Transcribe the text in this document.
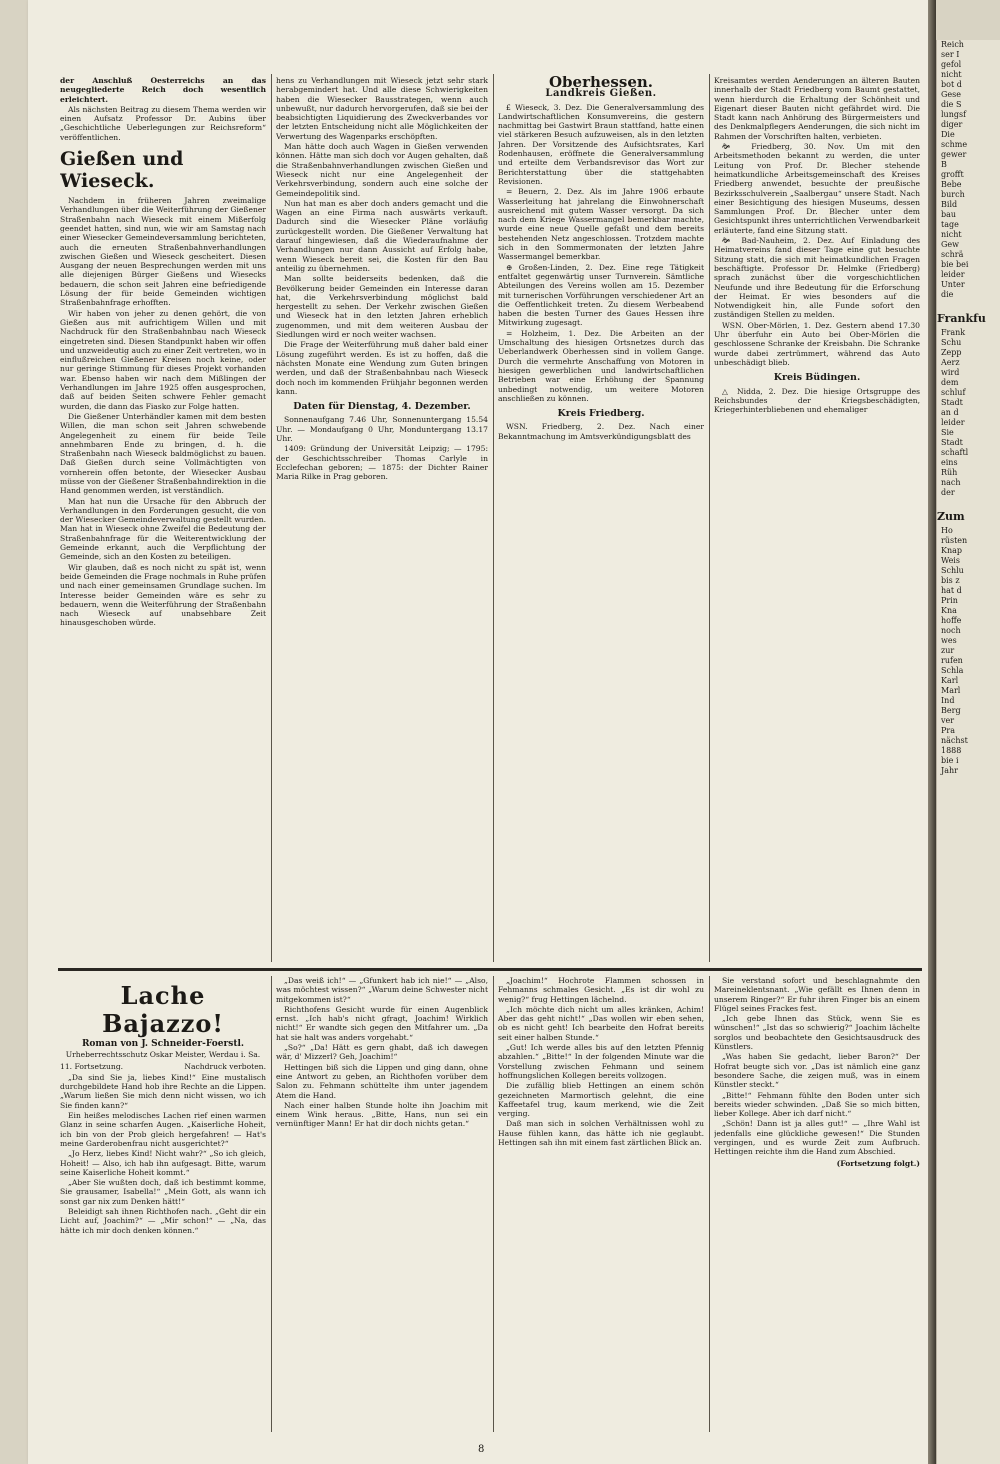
der Anschluß Oesterreichs an das neugegliederte Reich doch wesentlich erleichtert.

Als nächsten Beitrag zu diesem Thema werden wir einen Aufsatz Professor Dr. Aubins über „Geschichtliche Ueberlegungen zur Reichsreform“ veröffentlichen.

Gießen und Wieseck.

Nachdem in früheren Jahren zweimalige Verhandlungen über die Weiterführung der Gießener Straßenbahn nach Wieseck mit einem Mißerfolg geendet hatten, sind nun, wie wir am Samstag nach einer Wiesecker Gemeindeversammlung berichteten, auch die erneuten Straßenbahnverhandlungen zwischen Gießen und Wieseck gescheitert. Diesen Ausgang der neuen Besprechungen werden mit uns alle diejenigen Bürger Gießens und Wiesecks bedauern, die schon seit Jahren eine befriedigende Lösung der für beide Gemeinden wichtigen Straßenbahnfrage erhofften.

Wir haben von jeher zu denen gehört, die von Gießen aus mit aufrichtigem Willen und mit Nachdruck für den Straßenbahnbau nach Wieseck eingetreten sind. Diesen Standpunkt haben wir offen und unzweideutig auch zu einer Zeit vertreten, wo in einflußreichen Gießener Kreisen noch keine, oder nur geringe Stimmung für dieses Projekt vorhanden war. Ebenso haben wir nach dem Mißlingen der Verhandlungen im Jahre 1925 offen ausgesprochen, daß auf beiden Seiten schwere Fehler gemacht wurden, die dann das Fiasko zur Folge hatten.

Die Gießener Unterhändler kamen mit dem besten Willen, die man schon seit Jahren schwebende Angelegenheit zu einem für beide Teile annehmbaren Ende zu bringen, d. h. die Straßenbahn nach Wieseck baldmöglichst zu bauen. Daß Gießen durch seine Vollmächtigten von vornherein offen betonte, der Wiesecker Ausbau müsse von der Gießener Straßenbahndirektion in die Hand genommen werden, ist verständlich.

Man hat nun die Ursache für den Abbruch der Verhandlungen in den Forderungen gesucht, die von der Wiesecker Gemeindeverwaltung gestellt wurden. Man hat in Wieseck ohne Zweifel die Bedeutung der Straßenbahnfrage für die Weiterentwicklung der Gemeinde erkannt, auch die Verpflichtung der Gemeinde, sich an den Kosten zu beteiligen.

Wir glauben, daß es noch nicht zu spät ist, wenn beide Gemeinden die Frage nochmals in Ruhe prüfen und nach einer gemeinsamen Grundlage suchen. Im Interesse beider Gemeinden wäre es sehr zu bedauern, wenn die Weiterführung der Straßenbahn nach Wieseck auf unabsehbare Zeit hinausgeschoben würde.

hens zu Verhandlungen mit Wieseck jetzt sehr stark herabgemindert hat. Und alle diese Schwierigkeiten haben die Wiesecker Bausstrategen, wenn auch unbewußt, nur dadurch hervorgerufen, daß sie bei der beabsichtigten Liquidierung des Zweckverbandes vor der letzten Entscheidung nicht alle Möglichkeiten der Verwertung des Wagenparks erschöpften.

Man hätte doch auch Wagen in Gießen verwenden können. Hätte man sich doch vor Augen gehalten, daß die Straßenbahnverhandlungen zwischen Gießen und Wieseck nicht nur eine Angelegenheit der Verkehrsverbindung, sondern auch eine solche der Gemeindepolitik sind.

Nun hat man es aber doch anders gemacht und die Wagen an eine Firma nach auswärts verkauft. Dadurch sind die Wiesecker Pläne vorläufig zurückgestellt worden. Die Gießener Verwaltung hat darauf hingewiesen, daß die Wiederaufnahme der Verhandlungen nur dann Aussicht auf Erfolg habe, wenn Wieseck bereit sei, die Kosten für den Bau anteilig zu übernehmen.

Man sollte beiderseits bedenken, daß die Bevölkerung beider Gemeinden ein Interesse daran hat, die Verkehrsverbindung möglichst bald hergestellt zu sehen. Der Verkehr zwischen Gießen und Wieseck hat in den letzten Jahren erheblich zugenommen, und mit dem weiteren Ausbau der Siedlungen wird er noch weiter wachsen.

Die Frage der Weiterführung muß daher bald einer Lösung zugeführt werden. Es ist zu hoffen, daß die nächsten Monate eine Wendung zum Guten bringen werden, und daß der Straßenbahnbau nach Wieseck doch noch im kommenden Frühjahr begonnen werden kann.

Daten für Dienstag, 4. Dezember.

Sonnenaufgang 7.46 Uhr, Sonnenuntergang 15.54 Uhr. — Mondaufgang 0 Uhr, Monduntergang 13.17 Uhr.

1409: Gründung der Universität Leipzig; — 1795: der Geschichtsschreiber Thomas Carlyle in Ecclefechan geboren; — 1875: der Dichter Rainer Maria Rilke in Prag geboren.

Oberhessen.
Landkreis Gießen.

£ Wieseck, 3. Dez. Die Generalversammlung des Landwirtschaftlichen Konsumvereins, die gestern nachmittag bei Gastwirt Braun stattfand, hatte einen viel stärkeren Besuch aufzuweisen, als in den letzten Jahren. Der Vorsitzende des Aufsichtsrates, Karl Rodenhausen, eröffnete die Generalversammlung und erteilte dem Verbandsrevisor das Wort zur Berichterstattung über die stattgehabten Revisionen.

= Beuern, 2. Dez. Als im Jahre 1906 erbaute Wasserleitung hat jahrelang die Einwohnerschaft ausreichend mit gutem Wasser versorgt. Da sich nach dem Kriege Wassermangel bemerkbar machte, wurde eine neue Quelle gefaßt und dem bereits bestehenden Netz angeschlossen. Trotzdem machte sich in den Sommermonaten der letzten Jahre Wassermangel bemerkbar.

⊕ Großen-Linden, 2. Dez. Eine rege Tätigkeit entfaltet gegenwärtig unser Turnverein. Sämtliche Abteilungen des Vereins wollen am 15. Dezember mit turnerischen Vorführungen verschiedener Art an die Oeffentlichkeit treten. Zu diesem Werbeabend haben die besten Turner des Gaues Hessen ihre Mitwirkung zugesagt.

= Holzheim, 1. Dez. Die Arbeiten an der Umschaltung des hiesigen Ortsnetzes durch das Ueberlandwerk Oberhessen sind in vollem Gange. Durch die vermehrte Anschaffung von Motoren in hiesigen gewerblichen und landwirtschaftlichen Betrieben war eine Erhöhung der Spannung unbedingt notwendig, um weitere Motoren anschließen zu können.

Kreis Friedberg.

WSN. Friedberg, 2. Dez. Nach einer Bekanntmachung im Amtsverkündigungsblatt des

Kreisamtes werden Aenderungen an älteren Bauten innerhalb der Stadt Friedberg vom Baumt gestattet, wenn hierdurch die Erhaltung der Schönheit und Eigenart dieser Bauten nicht gefährdet wird. Die Stadt kann nach Anhörung des Bürgermeisters und des Denkmalpflegers Aenderungen, die sich nicht im Rahmen der Vorschriften halten, verbieten.

🙞 Friedberg, 30. Nov. Um mit den Arbeitsmethoden bekannt zu werden, die unter Leitung von Prof. Dr. Blecher stehende heimatkundliche Arbeitsgemeinschaft des Kreises Friedberg anwendet, besuchte der preußische Bezirksschulverein „Saalbergau“ unsere Stadt. Nach einer Besichtigung des hiesigen Museums, dessen Sammlungen Prof. Dr. Blecher unter dem Gesichtspunkt ihres unterrichtlichen Verwendbarkeit erläuterte, fand eine Sitzung statt.

🙞 Bad-Nauheim, 2. Dez. Auf Einladung des Heimatvereins fand dieser Tage eine gut besuchte Sitzung statt, die sich mit heimatkundlichen Fragen beschäftigte. Professor Dr. Helmke (Friedberg) sprach zunächst über die vorgeschichtlichen Neufunde und ihre Bedeutung für die Erforschung der Heimat. Er wies besonders auf die Notwendigkeit hin, alle Funde sofort den zuständigen Stellen zu melden.

WSN. Ober-Mörlen, 1. Dez. Gestern abend 17.30 Uhr überfuhr ein Auto bei Ober-Mörlen die geschlossene Schranke der Kreisbahn. Die Schranke wurde dabei zertrümmert, während das Auto unbeschädigt blieb.

Kreis Büdingen.

△ Nidda, 2. Dez. Die hiesige Ortsgruppe des Reichsbundes der Kriegsbeschädigten, Kriegerhinterbliebenen und ehemaliger

Lache Bajazzo!
Roman von J. Schneider-Foerstl.
Urheberrechtsschutz Oskar Meister, Werdau i. Sa.
11. Fortsetzung.	Nachdruck verboten.

„Da sind Sie ja, liebes Kind!“ Eine mustalisch durchgebildete Hand hob ihre Rechte an die Lippen. „Warum ließen Sie mich denn nicht wissen, wo ich Sie finden kann?“

Ein heißes melodisches Lachen rief einen warmen Glanz in seine scharfen Augen. „Kaiserliche Hoheit, ich bin von der Prob gleich hergefahren! — Hat's meine Garderobenfrau nicht ausgerichtet?“

„Jo Herz, liebes Kind! Nicht wahr?“ „So ich gleich, Hoheit! — Also, ich hab ihn aufgesagt. Bitte, warum seine Kaiserliche Hoheit kommt.“

„Aber Sie wußten doch, daß ich bestimmt komme, Sie grausamer, Isabella!“ „Mein Gott, als wann ich sonst gar nix zum Denken hätt!“

Beleidigt sah ihnen Richthofen nach. „Geht dir ein Licht auf, Joachim?“ — „Mir schon!“ — „Na, das hätte ich mir doch denken können.“

„Das weiß ich!“ — „Gfunkert hab ich nie!“ — „Also, was möchtest wissen?“ „Warum deine Schwester nicht mitgekommen ist?“

Richthofens Gesicht wurde für einen Augenblick ernst. „Ich hab's nicht gfragt, Joachim! Wirklich nicht!“ Er wandte sich gegen den Mitfahrer um. „Da hat sie halt was anders vorgehabt.“

„So?“ „Da! Hätt es gern ghabt, daß ich dawegen wär, d' Mizzerl? Geh, Joachim!“

Hettingen biß sich die Lippen und ging dann, ohne eine Antwort zu geben, an Richthofen vorüber dem Salon zu. Fehmann schüttelte ihm unter jagendem Atem die Hand.

Nach einer halben Stunde holte ihn Joachim mit einem Wink heraus. „Bitte, Hans, nun sei ein vernünftiger Mann! Er hat dir doch nichts getan.“

„Joachim!“ Hochrote Flammen schossen in Fehmanns schmales Gesicht. „Es ist dir wohl zu wenig?“ frug Hettingen lächelnd.

„Ich möchte dich nicht um alles kränken, Achim! Aber das geht nicht!“ „Das wollen wir eben sehen, ob es nicht geht! Ich bearbeite den Hofrat bereits seit einer halben Stunde.“

„Gut! Ich werde alles bis auf den letzten Pfennig abzahlen.“ „Bitte!“ In der folgenden Minute war die Vorstellung zwischen Fehmann und seinem hoffnungslichen Kollegen bereits vollzogen.

Die zufällig blieb Hettingen an einem schön gezeichneten Marmortisch gelehnt, die eine Kaffeetafel trug, kaum merkend, wie die Zeit verging.

Daß man sich in solchen Verhältnissen wohl zu Hause fühlen kann, das hätte ich nie geglaubt. Hettingen sah ihn mit einem fast zärtlichen Blick an.

Sie verstand sofort und beschlagnahmte den Mareineklentsnant. „Wie gefällt es Ihnen denn in unserem Ringer?“ Er fuhr ihren Finger bis an einem Flügel seines Frackes fest.

„Ich gebe Ihnen das Stück, wenn Sie es wünschen!“ „Ist das so schwierig?“ Joachim lächelte sorglos und beobachtete den Gesichtsausdruck des Künstlers.

„Was haben Sie gedacht, lieber Baron?“ Der Hofrat beugte sich vor. „Das ist nämlich eine ganz besondere Sache, die zeigen muß, was in einem Künstler steckt.“

„Bitte!“ Fehmann fühlte den Boden unter sich bereits wieder schwinden. „Daß Sie so mich bitten, lieber Kollege. Aber ich darf nicht.“

„Schön! Dann ist ja alles gut!“ — „Ihre Wahl ist jedenfalls eine glückliche gewesen!“ Die Stunden vergingen, und es wurde Zeit zum Aufbruch. Hettingen reichte ihm die Hand zum Abschied.

(Fortsetzung folgt.)
8
Reich
ser I
gefol
nicht
bot d
Gese
die S
lungsf
diger
Die
schme
gewer
B
grofft
Bebe
burch
Bild
bau
tage
nicht
Gew
schrä
bie bei
leider
Unter
die
Frankfu
Frank
Schu
Zepp
Aerz
wird
dem
schluf
Stadt
an d
leider
Sie
Stadt
schaftl
eins
Rüh
nach
der
Zum
Ho
rüsten
Knap
Weis
Schlu
bis z
hat d
Prin
Kna
hoffe
noch
wes
zur
rufen
Schla
Karl
Marl
Ind
Berg
ver
Pra
nächst
1888
bie i
Jahr
